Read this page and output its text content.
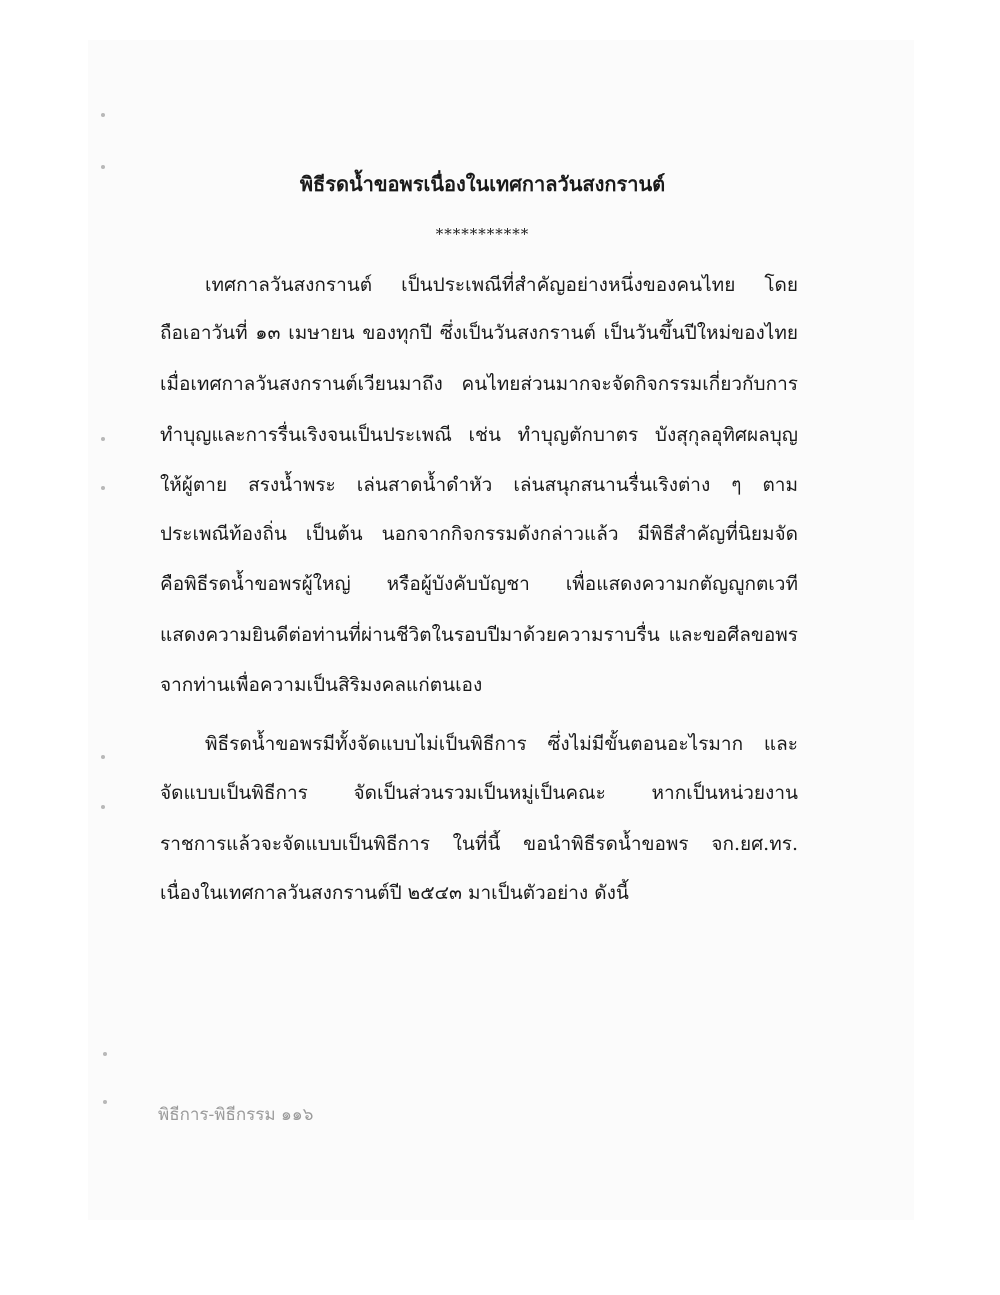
พิธีรดน้ำขอพรเนื่องในเทศกาลวันสงกรานต์
***********
เทศกาลวันสงกรานต์ เป็นประเพณีที่สำคัญอย่างหนึ่งของคนไทย โดย
ถือเอาวันที่ ๑๓ เมษายน ของทุกปี ซึ่งเป็นวันสงกรานต์ เป็นวันขึ้นปีใหม่ของไทย
เมื่อเทศกาลวันสงกรานต์เวียนมาถึง คนไทยส่วนมากจะจัดกิจกรรมเกี่ยวกับการ
ทำบุญและการรื่นเริงจนเป็นประเพณี เช่น ทำบุญตักบาตร บังสุกุลอุทิศผลบุญ
ให้ผู้ตาย สรงน้ำพระ เล่นสาดน้ำดำหัว เล่นสนุกสนานรื่นเริงต่าง ๆ ตาม
ประเพณีท้องถิ่น เป็นต้น นอกจากกิจกรรมดังกล่าวแล้ว มีพิธีสำคัญที่นิยมจัด
คือพิธีรดน้ำขอพรผู้ใหญ่ หรือผู้บังคับบัญชา เพื่อแสดงความกตัญญูกตเวที
แสดงความยินดีต่อท่านที่ผ่านชีวิตในรอบปีมาด้วยความราบรื่น และขอศีลขอพร
จากท่านเพื่อความเป็นสิริมงคลแก่ตนเอง
พิธีรดน้ำขอพรมีทั้งจัดแบบไม่เป็นพิธีการ ซึ่งไม่มีขั้นตอนอะไรมาก และ
จัดแบบเป็นพิธีการ จัดเป็นส่วนรวมเป็นหมู่เป็นคณะ หากเป็นหน่วยงาน
ราชการแล้วจะจัดแบบเป็นพิธีการ ในที่นี้ ขอนำพิธีรดน้ำขอพร จก.ยศ.ทร.
เนื่องในเทศกาลวันสงกรานต์ปี ๒๕๔๓ มาเป็นตัวอย่าง ดังนี้
พิธีการ-พิธีกรรม ๑๑๖
